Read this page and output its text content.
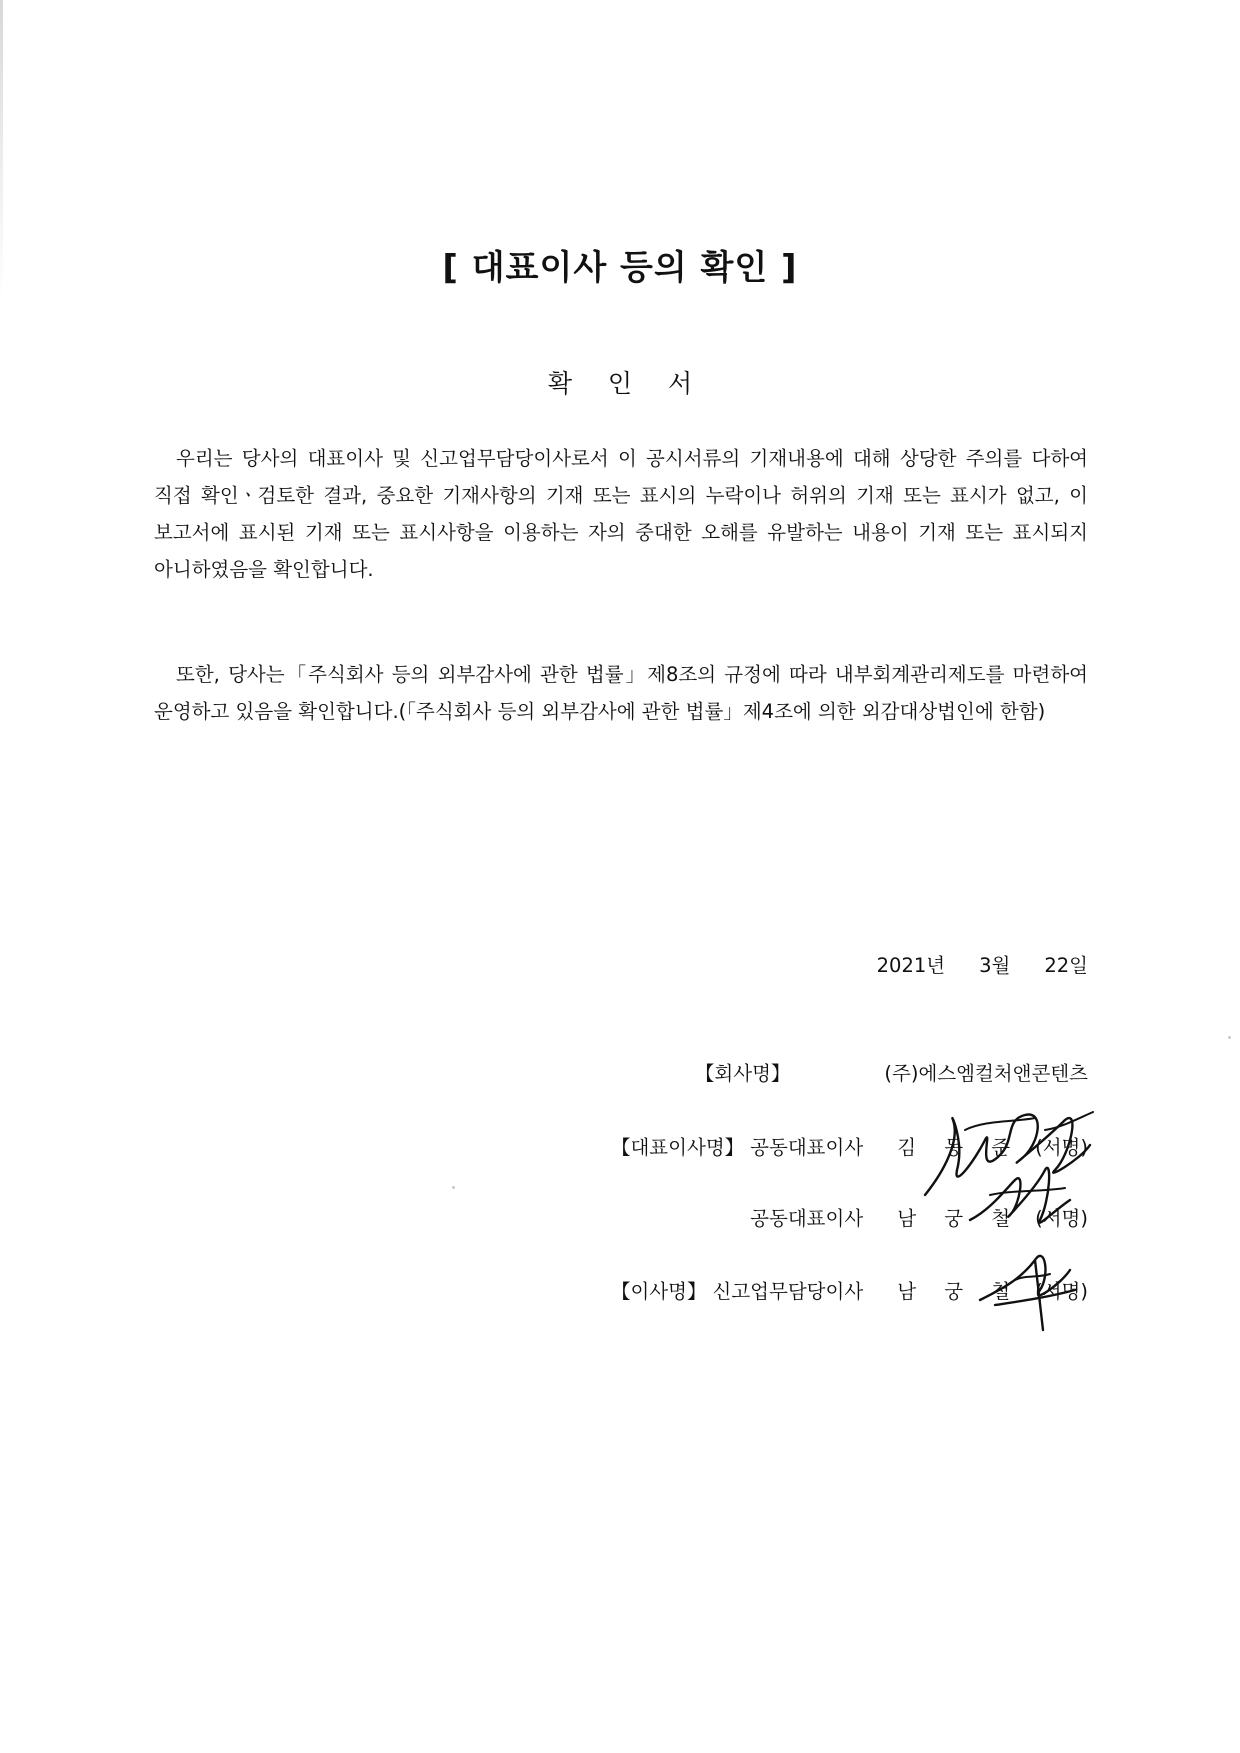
[ 대표이사 등의 확인 ]
확 인 서

우리는 당사의 대표이사 및 신고업무담당이사로서 이 공시서류의 기재내용에 대해 상당한 주의를 다하여 직접 확인ㆍ검토한 결과, 중요한 기재사항의 기재 또는 표시의 누락이나 허위의 기재 또는 표시가 없고, 이 보고서에 표시된 기재 또는 표시사항을 이용하는 자의 중대한 오해를 유발하는 내용이 기재 또는 표시되지 아니하였음을 확인합니다.

또한, 당사는「주식회사 등의 외부감사에 관한 법률」제8조의 규정에 따라 내부회계관리제도를 마련하여 운영하고 있음을 확인합니다.(「주식회사 등의 외부감사에 관한 법률」제4조에 의한 외감대상법인에 한함)

2021년 3월 22일
【회사명】	(주)에스엠컬처앤콘텐츠
【대표이사명】 공동대표이사 김 동 준 (서명)
공동대표이사 남 궁 철 (서명)
【이사명】 신고업무담당이사 남 궁 철 (서명)
